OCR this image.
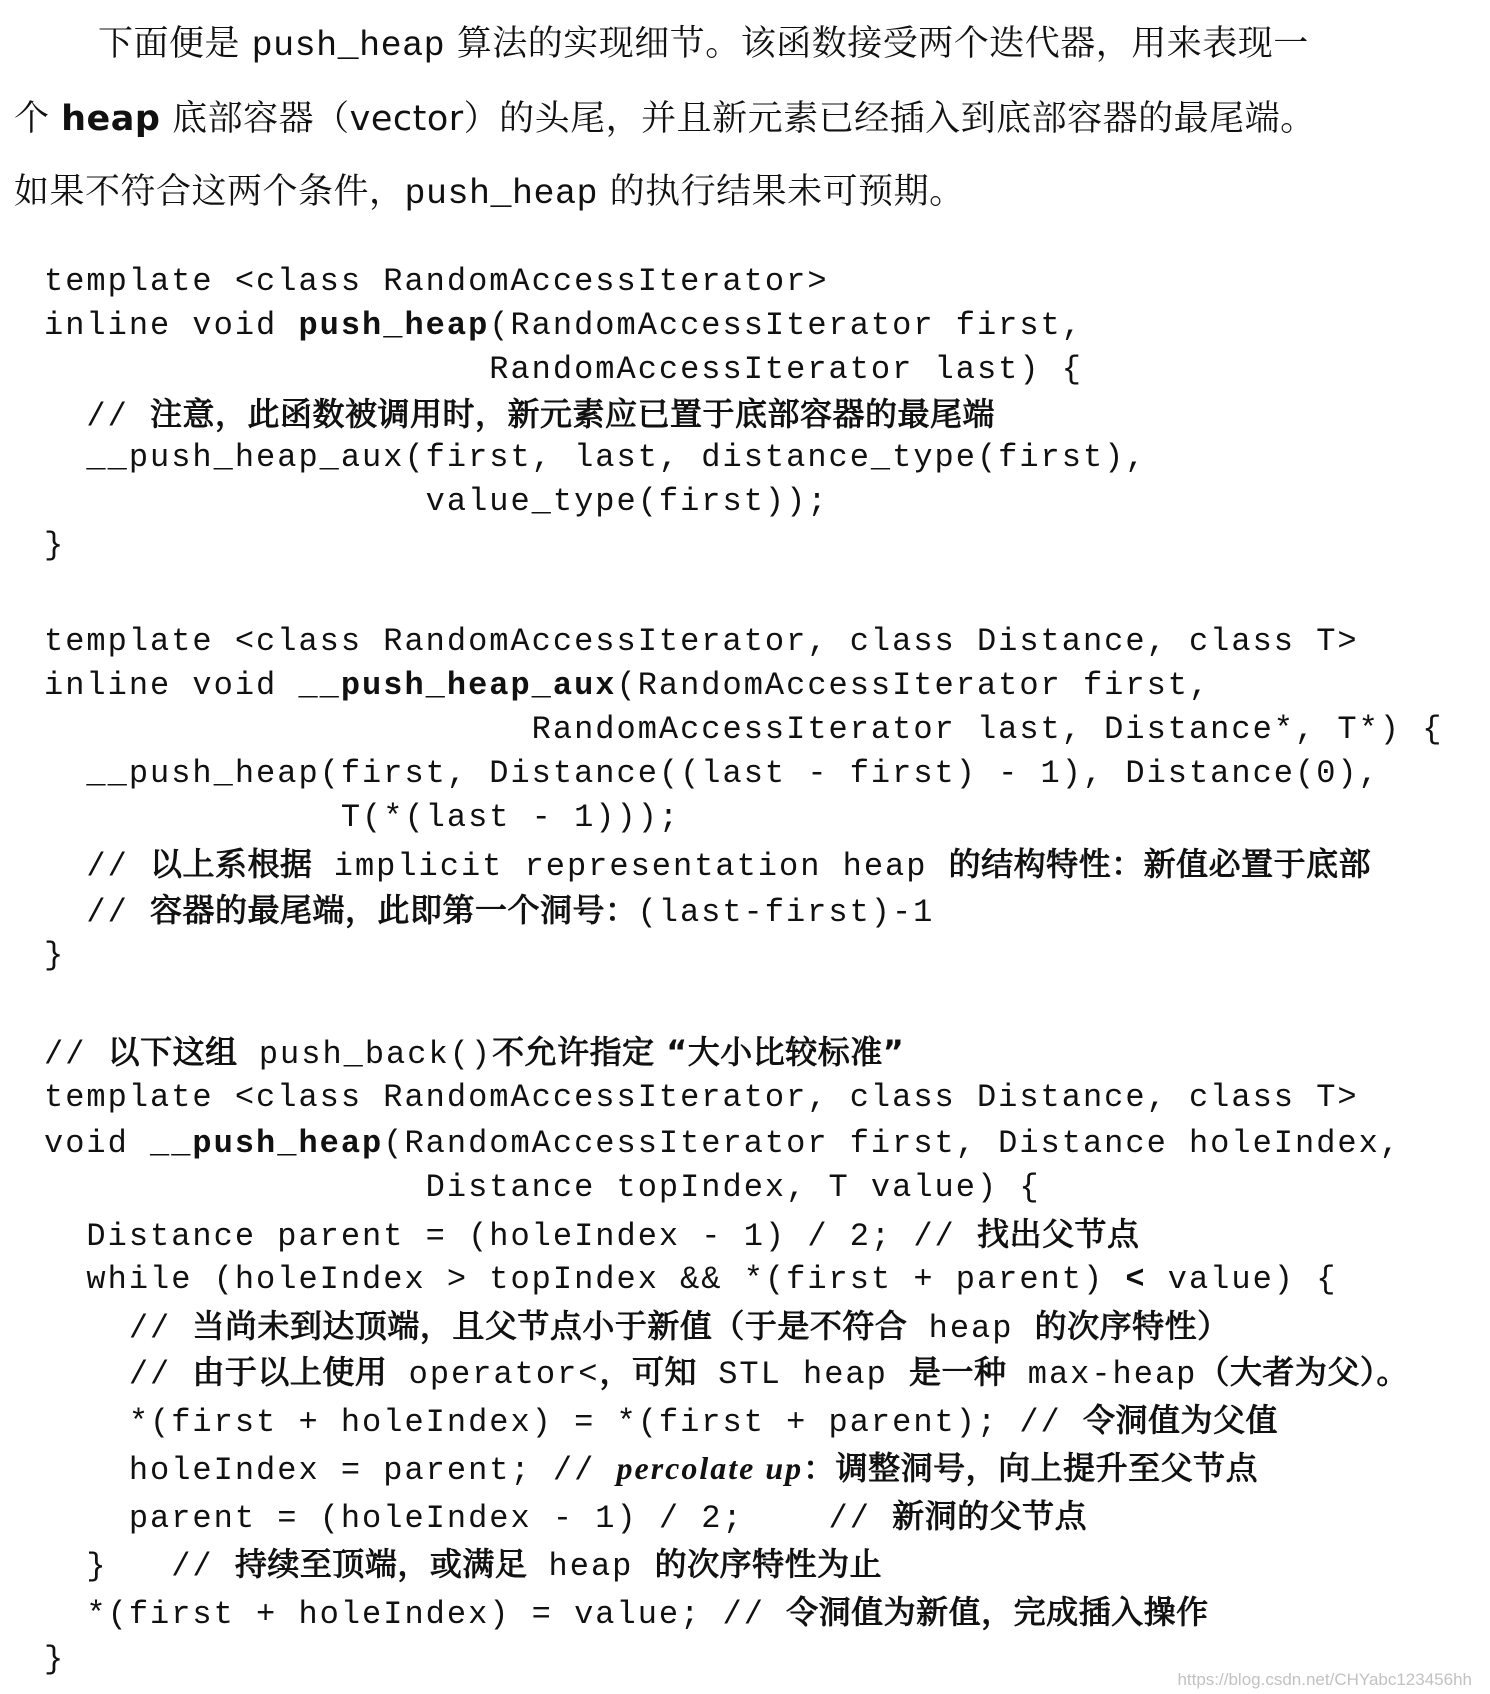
下面便是 push_heap 算法的实现细节。该函数接受两个迭代器，用来表现一
个 heap 底部容器（vector）的头尾，并且新元素已经插入到底部容器的最尾端。
如果不符合这两个条件，push_heap 的执行结果未可预期。
template <class RandomAccessIterator>
inline void push_heap(RandomAccessIterator first,
RandomAccessIterator last) {
// 注意，此函数被调用时，新元素应已置于底部容器的最尾端
__push_heap_aux(first, last, distance_type(first),
value_type(first));
}
template <class RandomAccessIterator, class Distance, class T>
inline void __push_heap_aux(RandomAccessIterator first,
RandomAccessIterator last, Distance*, T*) {
__push_heap(first, Distance((last - first) - 1), Distance(0),
T(*(last - 1)));
// 以上系根据 implicit representation heap 的结构特性：新值必置于底部
// 容器的最尾端，此即第一个洞号：(last-first)-1
}
// 以下这组 push_back()不允许指定 “大小比较标准”
template <class RandomAccessIterator, class Distance, class T>
void __push_heap(RandomAccessIterator first, Distance holeIndex,
Distance topIndex, T value) {
Distance parent = (holeIndex - 1) / 2; // 找出父节点
while (holeIndex > topIndex && *(first + parent) < value) {
// 当尚未到达顶端，且父节点小于新值（于是不符合 heap 的次序特性）
// 由于以上使用 operator<，可知 STL heap 是一种 max-heap（大者为父）。
*(first + holeIndex) = *(first + parent); // 令洞值为父值
holeIndex = parent; // percolate up：调整洞号，向上提升至父节点
parent = (holeIndex - 1) / 2;    // 新洞的父节点
}   // 持续至顶端，或满足 heap 的次序特性为止
*(first + holeIndex) = value; // 令洞值为新值，完成插入操作
}
https://blog.csdn.net/CHYabc123456hh
